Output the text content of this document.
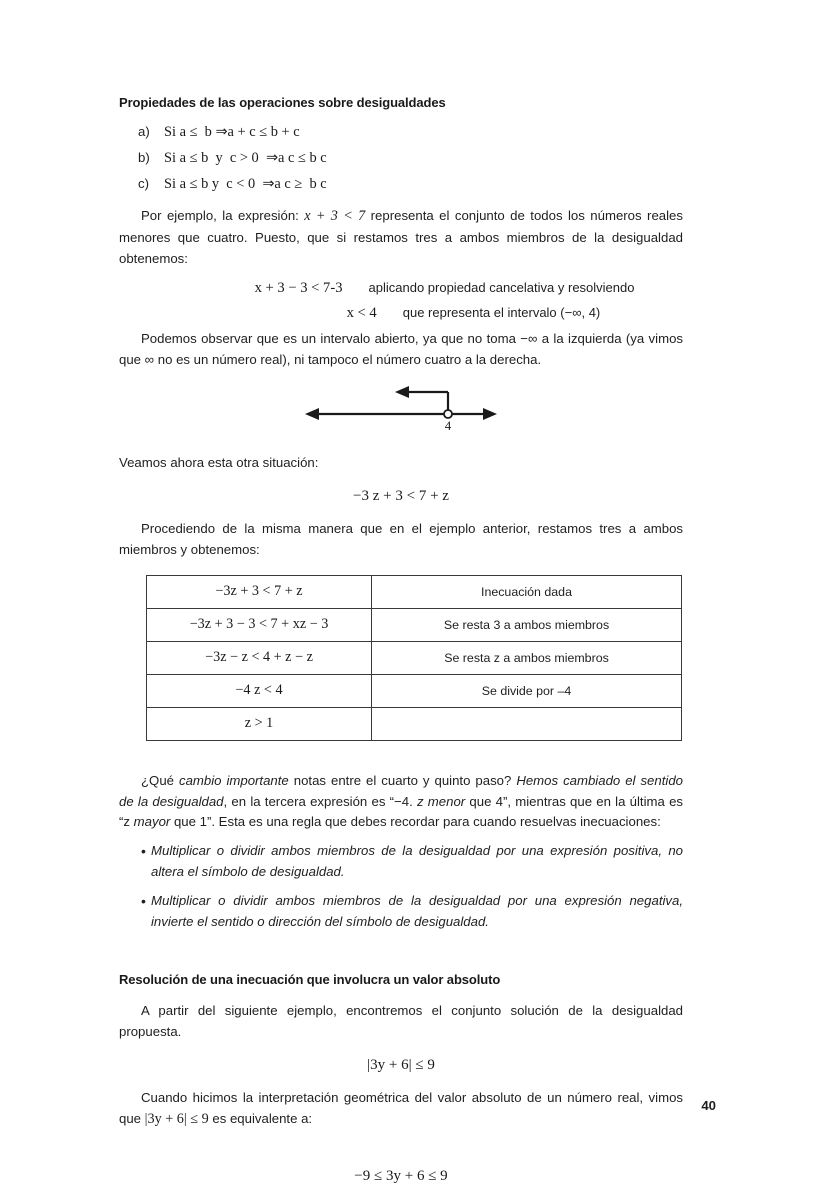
Propiedades de las operaciones sobre desigualdades
a) Si a ≤  b ⇒a + c ≤ b + c
b) Si a ≤ b  y  c > 0  ⇒a c ≤ b c
c)	Si a ≤ b y  c < 0  ⇒a c ≥  b c

Por ejemplo, la expresión: x + 3 < 7 representa el conjunto de todos los números reales menores que cuatro. Puesto, que si restamos tres a ambos miembros de la desigualdad obtenemos:

x + 3 − 3 < 7-3 aplicando propiedad cancelativa y resolviendo
x < 4 que representa el intervalo (−∞, 4)

Podemos observar que es un intervalo abierto, ya que no toma −∞ a la izquierda (ya vimos que ∞ no es un número real), ni tampoco el número cuatro a la derecha.

4

Veamos ahora esta otra situación:

−3 z + 3 < 7 + z

Procediendo de la misma manera que en el ejemplo anterior, restamos tres a ambos miembros y obtenemos:

−3z + 3 < 7 + z	Inecuación dada
−3z + 3 − 3 < 7 + xz − 3	Se resta 3 a ambos miembros
−3z − z < 4 + z − z	Se resta z a ambos miembros
−4 z < 4	Se divide por –4
z > 1	

¿Qué cambio importante notas entre el cuarto y quinto paso? Hemos cambiado el sentido de la desigualdad, en la tercera expresión es “−4. z menor que 4”, mientras que en la última es “z mayor que 1”. Esta es una regla que debes recordar para cuando resuelvas inecuaciones:

• Multiplicar o dividir ambos miembros de la desigualdad por una expresión positiva, no altera el símbolo de desigualdad.
• Multiplicar o dividir ambos miembros de la desigualdad por una expresión negativa, invierte el sentido o dirección del símbolo de desigualdad.
Resolución de una inecuación que involucra un valor absoluto

A partir del siguiente ejemplo, encontremos el conjunto solución de la desigualdad propuesta.

|3y + 6| ≤ 9

Cuando hicimos la interpretación geométrica del valor absoluto de un número real, vimos que |3y + 6| ≤ 9 es equivalente a:

−9 ≤ 3y + 6 ≤ 9
40
